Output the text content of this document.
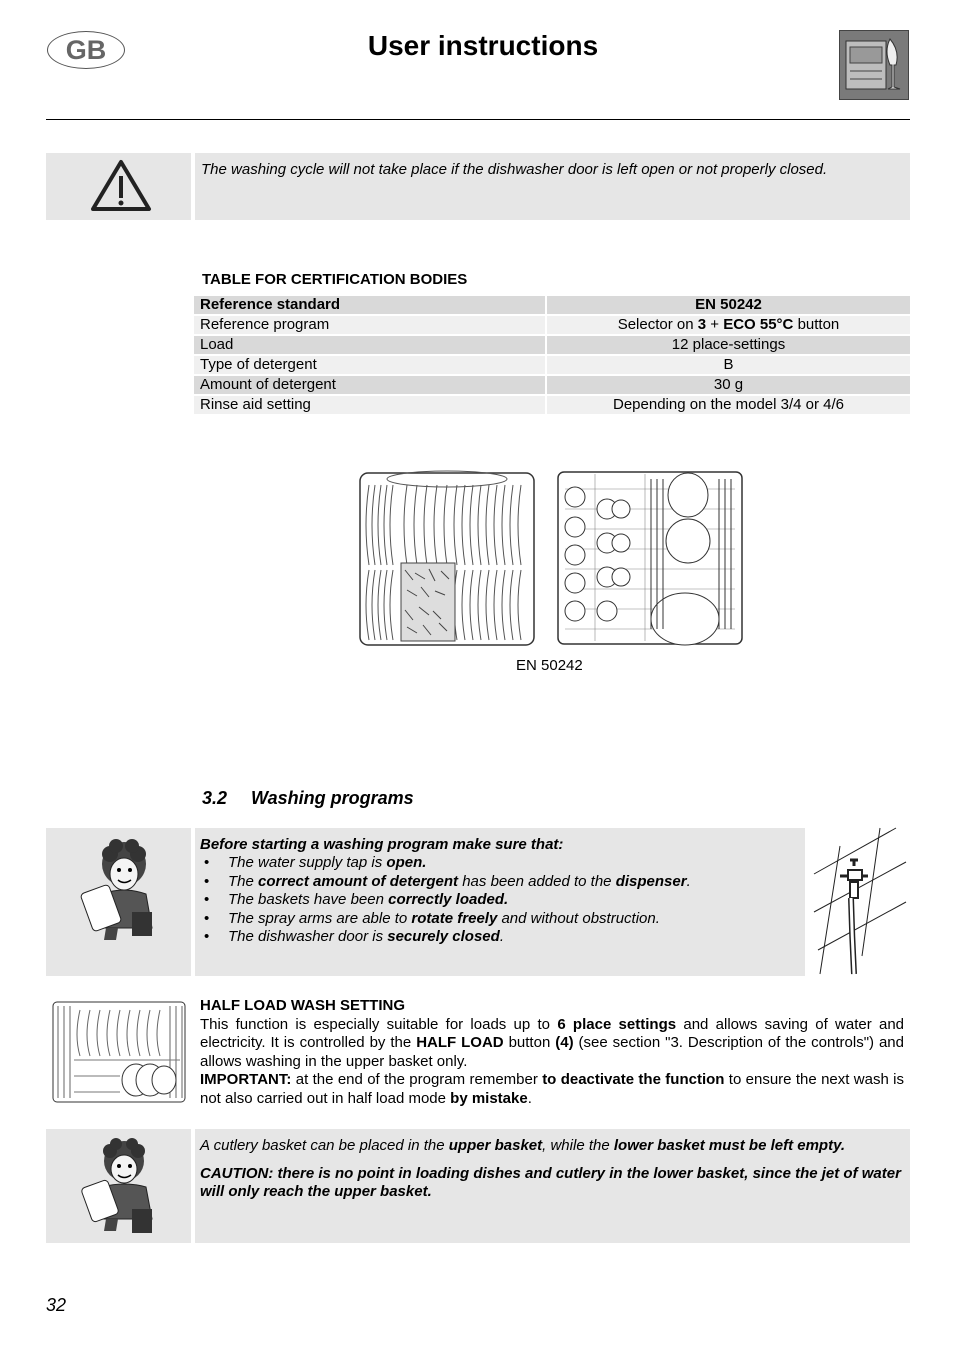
GB	User instructions
The washing cycle will not take place if the dishwasher door is left open or not properly closed.
TABLE FOR CERTIFICATION BODIES
Reference standard	EN 50242
Reference program	Selector on 3 + ECO 55°C button
Load	12 place-settings
Type of detergent	B
Amount of detergent	30 g
Rinse aid setting	Depending on the model 3/4 or 4/6
EN 50242
3.2 Washing programs
Before starting a washing program make sure that:
• The water supply tap is open.
• The correct amount of detergent has been added to the dispenser.
• The baskets have been correctly loaded.
• The spray arms are able to rotate freely and without obstruction.
• The dishwasher door is securely closed.
HALF LOAD WASH SETTING
This function is especially suitable for loads up to 6 place settings and allows saving of water and electricity. It is controlled by the HALF LOAD button (4) (see section "3. Description of the controls") and allows washing in the upper basket only.
IMPORTANT: at the end of the program remember to deactivate the function to ensure the next wash is not also carried out in half load mode by mistake.
A cutlery basket can be placed in the upper basket, while the lower basket must be left empty.
CAUTION: there is no point in loading dishes and cutlery in the lower basket, since the jet of water will only reach the upper basket.
32
